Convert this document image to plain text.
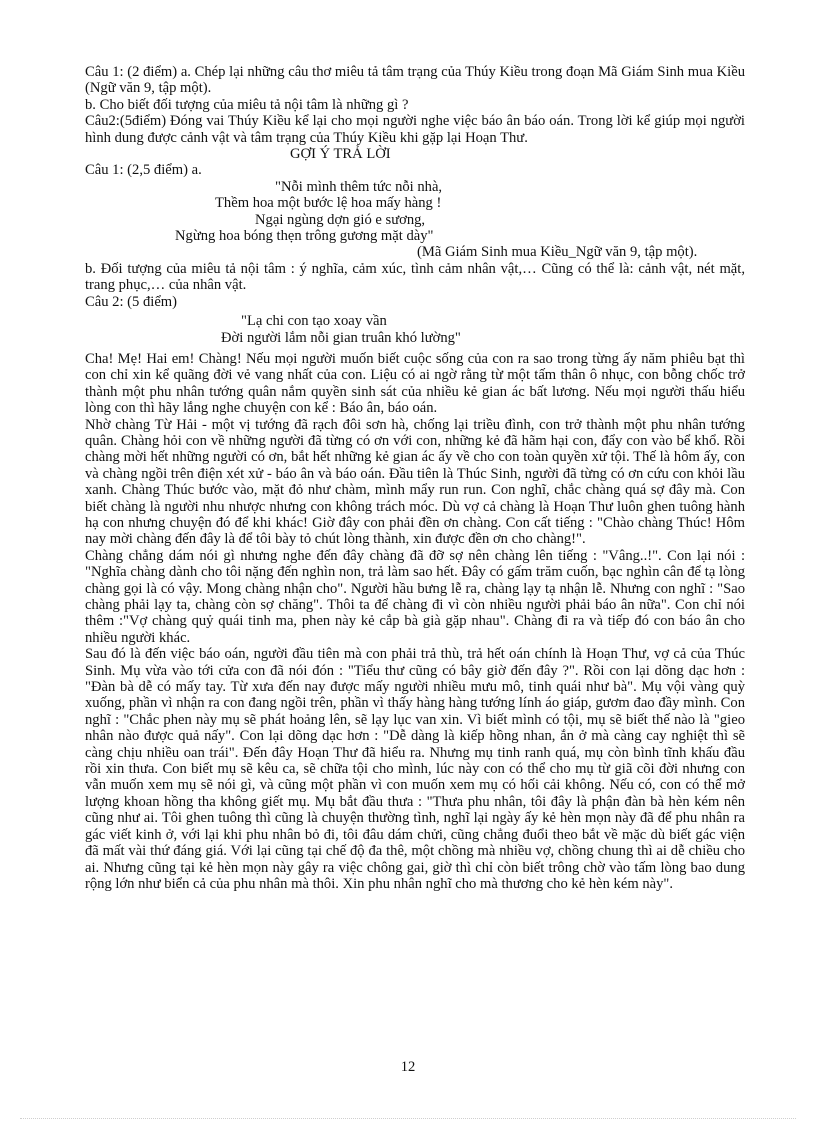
Câu 1: (2 điểm) a. Chép lại những câu thơ miêu tả tâm trạng của Thúy Kiều trong đoạn Mã Giám Sinh mua Kiều (Ngữ văn 9, tập một).

b. Cho biết đối tượng của miêu tả nội tâm là những gì ?

Câu2:(5điểm) Đóng vai Thúy Kiều kể lại cho mọi người nghe việc báo ân báo oán. Trong lời kể giúp mọi người hình dung được cảnh vật và tâm trạng của Thúy Kiều khi gặp lại Hoạn Thư.

GỢI Ý TRẢ LỜI

Câu 1: (2,5 điểm) a.

"Nỗi mình thêm tức nỗi nhà,

Thềm hoa một bước lệ hoa mấy hàng !

Ngại ngùng dợn gió e sương,

Ngừng hoa bóng thẹn trông gương mặt dày"

(Mã Giám Sinh mua Kiều_Ngữ văn 9, tập một).

b. Đối tượng của miêu tả nội tâm : ý nghĩa, cảm xúc, tình cảm nhân vật,… Cũng có thể là: cảnh vật, nét mặt, trang phục,… của nhân vật.

Câu 2: (5 điểm)

"Lạ chi con tạo xoay vần

Đời người lắm nỗi gian truân khó lường"

Cha! Mẹ! Hai em! Chàng! Nếu mọi người muốn biết cuộc sống của con ra sao trong từng ấy năm phiêu bạt thì con chỉ xin kể quãng đời vẻ vang nhất của con. Liệu có ai ngờ rằng từ một tấm thân ô nhục, con bỗng chốc trở thành một phu nhân tướng quân nắm quyền sinh sát của nhiều kẻ gian ác bất lương. Nếu mọi người thấu hiểu lòng con thì hãy lắng nghe chuyện con kể : Báo ân, báo oán.

Nhờ chàng Từ Hải - một vị tướng đã rạch đôi sơn hà, chống lại triều đình, con trở thành một phu nhân tướng quân. Chàng hỏi con về những người đã từng có ơn với con, những kẻ đã hãm hại con, đẩy con vào bể khổ. Rồi chàng mời hết những người có ơn, bắt hết những kẻ gian ác ấy về cho con toàn quyền xử tội. Thế là hôm ấy, con và chàng ngồi trên điện xét xử - báo ân và báo oán. Đầu tiên là Thúc Sinh, người đã từng có ơn cứu con khỏi lầu xanh. Chàng Thúc bước vào, mặt đỏ như chàm, mình mẩy run run. Con nghĩ, chắc chàng quá sợ đây mà. Con biết chàng là người nhu nhược nhưng con không trách móc. Dù vợ cả chàng là Hoạn Thư luôn ghen tuông hành hạ con nhưng chuyện đó để khi khác! Giờ đây con phải đền ơn chàng. Con cất tiếng : "Chào chàng Thúc! Hôm nay mời chàng đến đây là để tôi bày tỏ chút lòng thành, xin được đền ơn cho chàng!".

Chàng chẳng dám nói gì nhưng nghe đến đây chàng đã đỡ sợ nên chàng lên tiếng : "Vâng..!". Con lại nói : "Nghĩa chàng dành cho tôi nặng đến nghìn non, trả làm sao hết. Đây có gấm trăm cuốn, bạc nghìn cân để tạ lòng chàng gọi là có vậy. Mong chàng nhận cho". Người hầu bưng lễ ra, chàng lạy tạ nhận lễ. Nhưng con nghĩ : "Sao chàng phải lạy ta, chàng còn sợ chăng". Thôi ta để chàng đi vì còn nhiều người phải báo ân nữa". Con chỉ nói thêm :"Vợ chàng quỷ quái tinh ma, phen này kẻ cắp bà già gặp nhau". Chàng đi ra và tiếp đó con báo ân cho nhiều người khác.

Sau đó là đến việc báo oán, người đầu tiên mà con phải trả thù, trả hết oán chính là Hoạn Thư, vợ cả của Thúc Sinh. Mụ vừa vào tới cửa con đã nói đón : "Tiểu thư cũng có bây giờ đến đây ?". Rồi con lại dõng dạc hơn : "Đàn bà dễ có mấy tay. Từ xưa đến nay được mấy người nhiều mưu mô, tinh quái như bà". Mụ vội vàng quỳ xuống, phần vì nhận ra con đang ngồi trên, phần vì thấy hàng hàng tướng lính áo giáp, gươm đao đầy mình. Con nghĩ : "Chắc phen này mụ sẽ phát hoảng lên, sẽ lạy lục van xin. Vì biết mình có tội, mụ sẽ biết thế nào là "gieo nhân nào được quả nấy". Con lại dõng dạc hơn : "Dễ dàng là kiếp hồng nhan, ắn ở mà càng cay nghiệt thì sẽ càng chịu nhiều oan trái". Đến đây Hoạn Thư đã hiểu ra. Nhưng mụ tinh ranh quá, mụ còn bình tĩnh khấu đầu rồi xin thưa. Con biết mụ sẽ kêu ca, sẽ chữa tội cho mình, lúc này con có thể cho mụ từ giã cõi đời nhưng con vẫn muốn xem mụ sẽ nói gì, và cũng một phần vì con muốn xem mụ có hối cải không. Nếu có, con có thể mở lượng khoan hồng tha không giết mụ. Mụ bắt đầu thưa : "Thưa phu nhân, tôi đây là phận đàn bà hèn kém nên cũng như ai. Tôi ghen tuông thì cũng là chuyện thường tình, nghĩ lại ngày ấy kẻ hèn mọn này đã để phu nhân ra gác viết kinh ở, với lại khi phu nhân bỏ đi, tôi đâu dám chửi, cũng chẳng đuổi theo bắt về mặc dù biết gác viện đã mất vài thứ đáng giá. Với lại cũng tại chế độ đa thê, một chồng mà nhiều vợ, chồng chung thì ai dễ chiều cho ai. Nhưng cũng tại kẻ hèn mọn này gây ra việc chông gai, giờ thì chỉ còn biết trông chờ vào tấm lòng bao dung rộng lớn như biển cả của phu nhân mà thôi. Xin phu nhân nghĩ cho mà thương cho kẻ hèn kém này".

12
